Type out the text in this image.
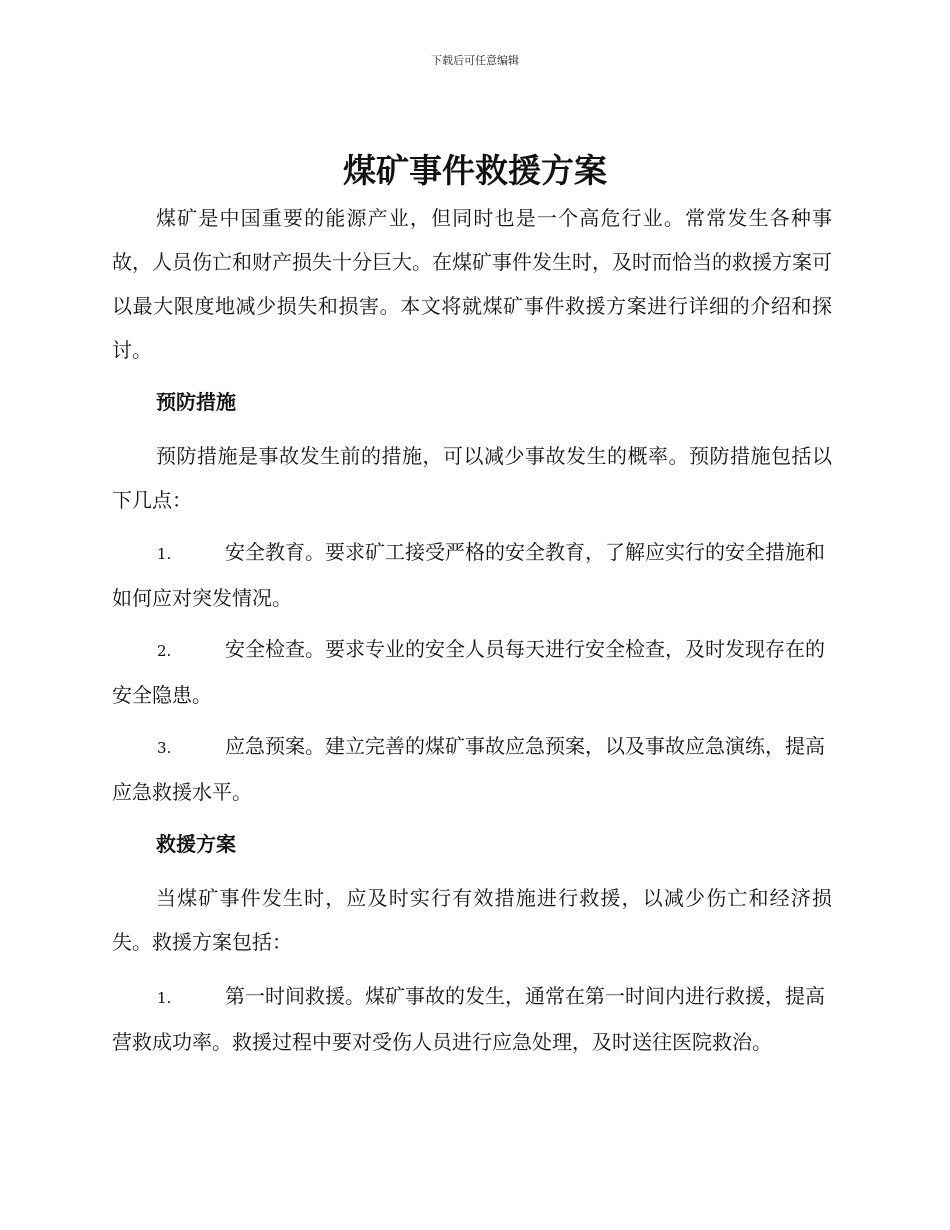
下载后可任意编辑
煤矿事件救援方案

煤矿是中国重要的能源产业，但同时也是一个高危行业。常常发生各种事故，人员伤亡和财产损失十分巨大。在煤矿事件发生时，及时而恰当的救援方案可以最大限度地减少损失和损害。本文将就煤矿事件救援方案进行详细的介绍和探讨。

预防措施

预防措施是事故发生前的措施，可以减少事故发生的概率。预防措施包括以下几点：

1.	安全教育。要求矿工接受严格的安全教育，了解应实行的安全措施和如何应对突发情况。

2.	安全检查。要求专业的安全人员每天进行安全检查，及时发现存在的安全隐患。

3.	应急预案。建立完善的煤矿事故应急预案，以及事故应急演练，提高应急救援水平。

救援方案

当煤矿事件发生时，应及时实行有效措施进行救援，以减少伤亡和经济损失。救援方案包括：

1.	第一时间救援。煤矿事故的发生，通常在第一时间内进行救援，提高营救成功率。救援过程中要对受伤人员进行应急处理，及时送往医院救治。
